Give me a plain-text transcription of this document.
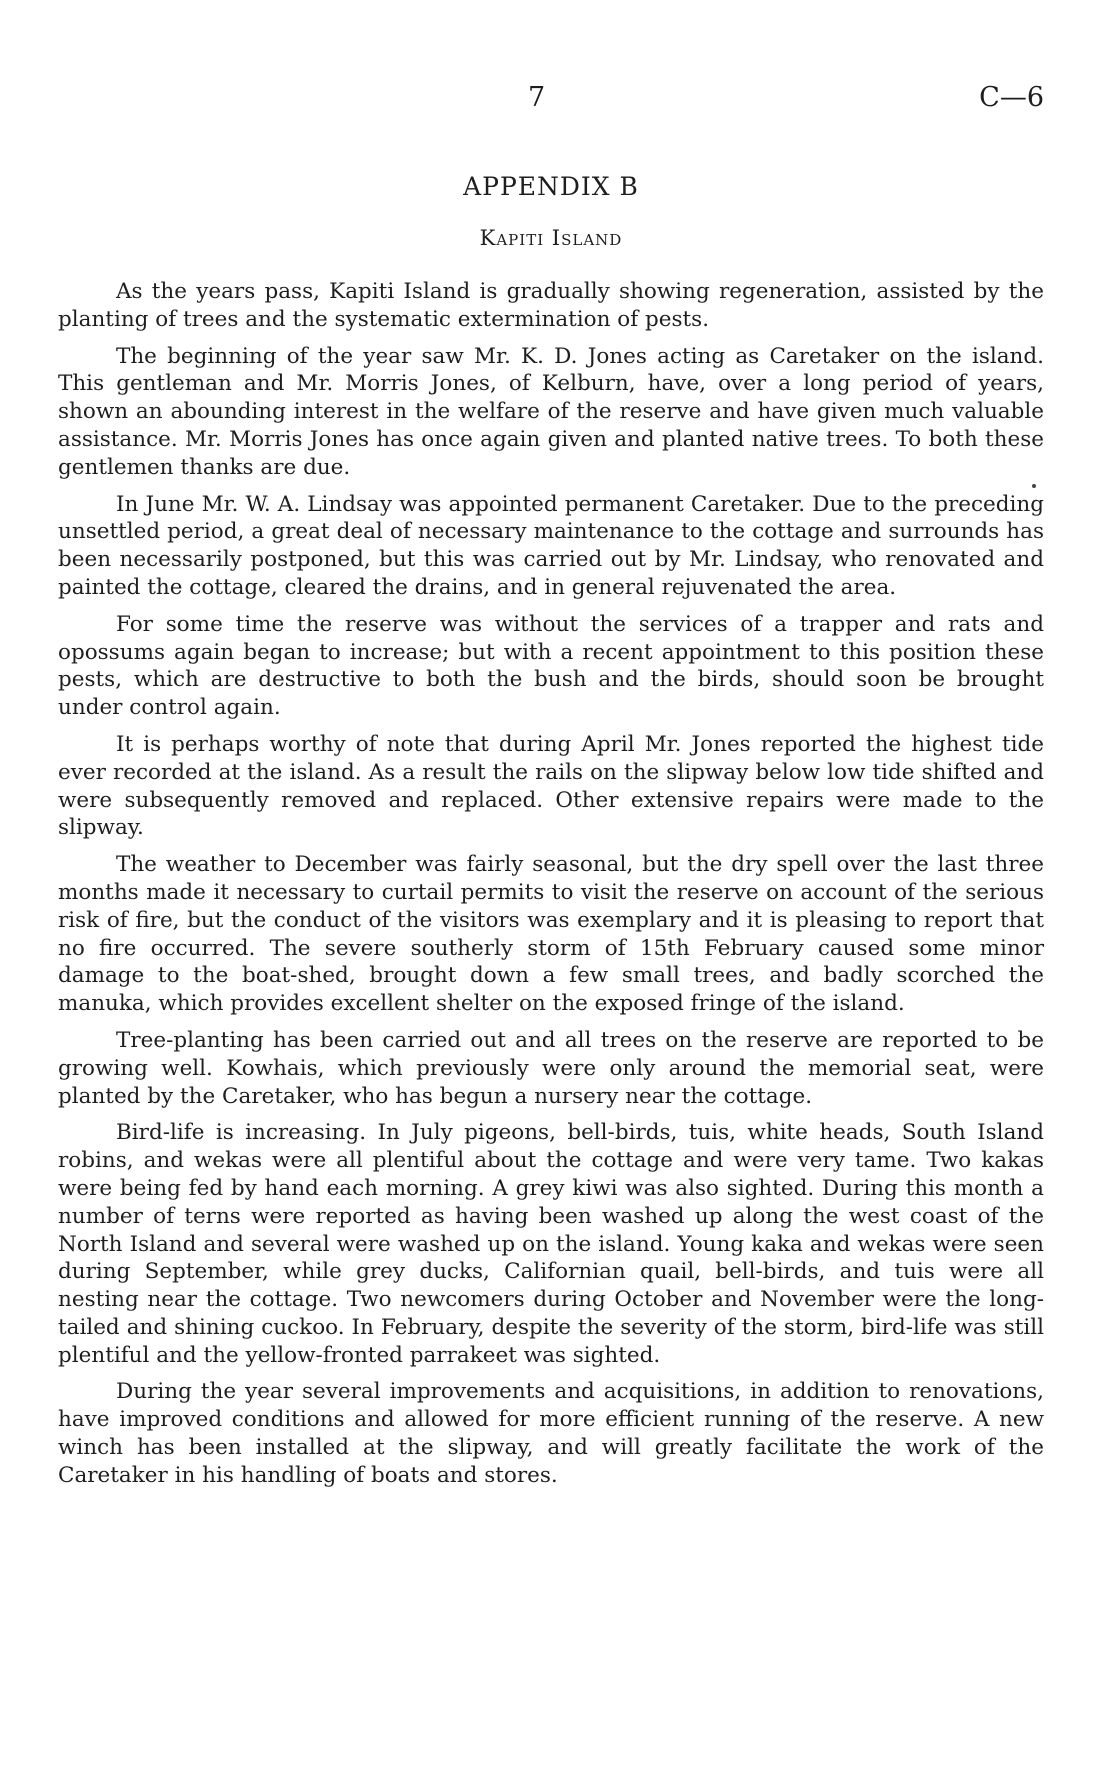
7	C—6

APPENDIX B
Kapiti Island

As the years pass, Kapiti Island is gradually showing regeneration, assisted by the planting of trees and the systematic extermination of pests.

The beginning of the year saw Mr. K. D. Jones acting as Caretaker on the island. This gentleman and Mr. Morris Jones, of Kelburn, have, over a long period of years, shown an abounding interest in the welfare of the reserve and have given much valuable assistance. Mr. Morris Jones has once again given and planted native trees. To both these gentlemen thanks are due.

In June Mr. W. A. Lindsay was appointed permanent Caretaker. Due to the preceding unsettled period, a great deal of necessary maintenance to the cottage and surrounds has been necessarily postponed, but this was carried out by Mr. Lindsay, who renovated and painted the cottage, cleared the drains, and in general rejuvenated the area.

For some time the reserve was without the services of a trapper and rats and opossums again began to increase; but with a recent appointment to this position these pests, which are destructive to both the bush and the birds, should soon be brought under control again.

It is perhaps worthy of note that during April Mr. Jones reported the highest tide ever recorded at the island. As a result the rails on the slipway below low tide shifted and were subsequently removed and replaced. Other extensive repairs were made to the slipway.

The weather to December was fairly seasonal, but the dry spell over the last three months made it necessary to curtail permits to visit the reserve on account of the serious risk of fire, but the conduct of the visitors was exemplary and it is pleasing to report that no fire occurred. The severe southerly storm of 15th February caused some minor damage to the boat-shed, brought down a few small trees, and badly scorched the manuka, which provides excellent shelter on the exposed fringe of the island.

Tree-planting has been carried out and all trees on the reserve are reported to be growing well. Kowhais, which previously were only around the memorial seat, were planted by the Caretaker, who has begun a nursery near the cottage.

Bird-life is increasing. In July pigeons, bell-birds, tuis, white heads, South Island robins, and wekas were all plentiful about the cottage and were very tame. Two kakas were being fed by hand each morning. A grey kiwi was also sighted. During this month a number of terns were reported as having been washed up along the west coast of the North Island and several were washed up on the island. Young kaka and wekas were seen during September, while grey ducks, Californian quail, bell-birds, and tuis were all nesting near the cottage. Two newcomers during October and November were the long-tailed and shining cuckoo. In February, despite the severity of the storm, bird-life was still plentiful and the yellow-fronted parrakeet was sighted.

During the year several improvements and acquisitions, in addition to renovations, have improved conditions and allowed for more efficient running of the reserve. A new winch has been installed at the slipway, and will greatly facilitate the work of the Caretaker in his handling of boats and stores.
